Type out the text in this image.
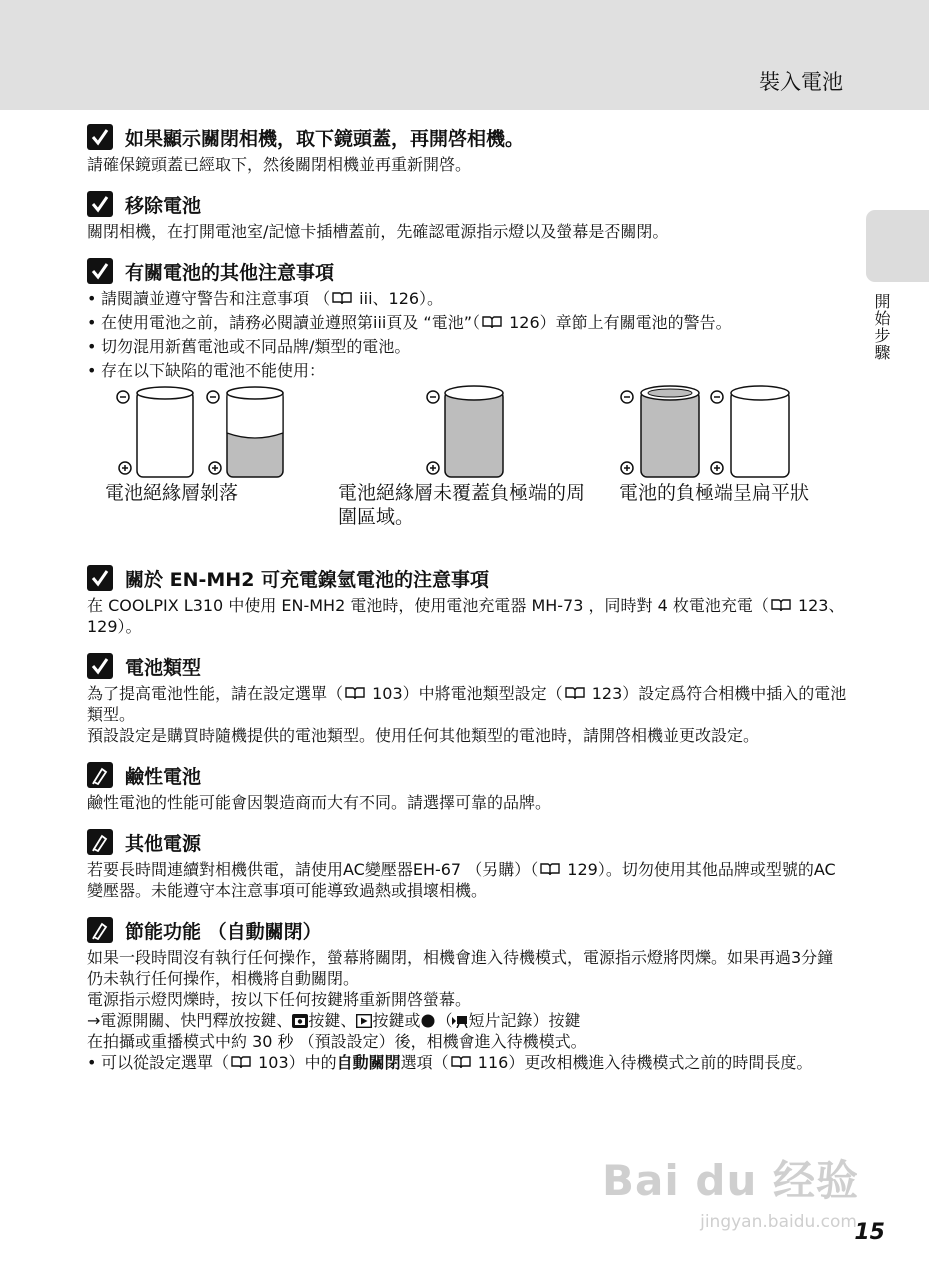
裝入電池
開始步驟
如果顯示關閉相機，取下鏡頭蓋，再開啓相機。

請確保鏡頭蓋已經取下，然後關閉相機並再重新開啓。

移除電池

關閉相機，在打開電池室/記憶卡插槽蓋前，先確認電源指示燈以及螢幕是否關閉。

有關電池的其他注意事項
• 請閱讀並遵守警告和注意事項 （ iii、126）。
• 在使用電池之前，請務必閱讀並遵照第iii頁及 “電池”（ 126）章節上有關電池的警告。
• 切勿混用新舊電池或不同品牌/類型的電池。
• 存在以下缺陷的電池不能使用：
電池絕緣層剝落	電池絕緣層未覆蓋負極端的周圍區域。
電池的負極端呈扁平狀
關於 EN-MH2 可充電鎳氫電池的注意事項

在 COOLPIX L310 中使用 EN-MH2 電池時，使用電池充電器 MH-73 ，同時對 4 枚電池充電（ 123、129）。

電池類型

為了提高電池性能，請在設定選單（ 103）中將電池類型設定（ 123）設定爲符合相機中插入的電池類型。

預設設定是購買時隨機提供的電池類型。使用任何其他類型的電池時，請開啓相機並更改設定。

鹼性電池

鹼性電池的性能可能會因製造商而大有不同。請選擇可靠的品牌。

其他電源

若要長時間連續對相機供電，請使用AC變壓器EH-67 （另購）（ 129）。切勿使用其他品牌或型號的AC變壓器。未能遵守本注意事項可能導致過熱或損壞相機。

節能功能 （自動關閉）

如果一段時間沒有執行任何操作，螢幕將關閉，相機會進入待機模式，電源指示燈將閃爍。如果再過3分鐘仍未執行任何操作，相機將自動關閉。

電源指示燈閃爍時，按以下任何按鍵將重新開啓螢幕。

→電源開關、快門釋放按鍵、 按鍵、 按鍵或 （ 短片記錄）按鍵

在拍攝或重播模式中約 30 秒 （預設設定）後，相機會進入待機模式。

• 可以從設定選單（ 103）中的自動關閉選項（ 116）更改相機進入待機模式之前的時間長度。
Bai du 经验
jingyan.baidu.com
15
